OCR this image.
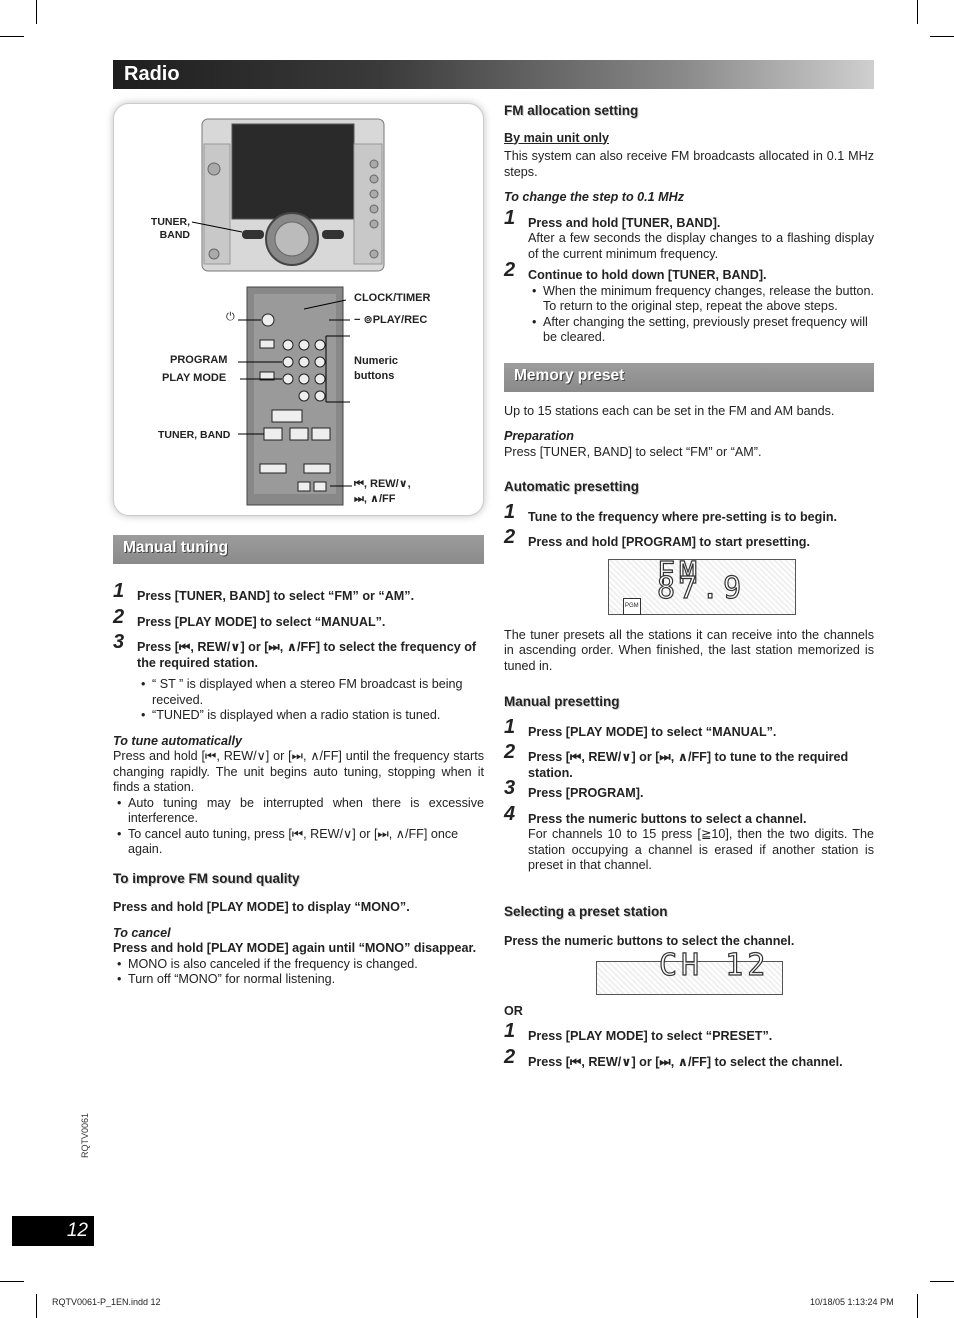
Radio
TUNER,
BAND
CLOCK/TIMER
⏻	− ⊚PLAY/REC
PROGRAM
PLAY MODE
Numeric
buttons
TUNER, BAND
⏮, REW/∨,
⏭, ∧/FF
Manual tuning
1 Press [TUNER, BAND] to select “FM” or “AM”.

2 Press [PLAY MODE] to select “MANUAL”.

3 Press [⏮, REW/∨] or [⏭, ∧/FF] to select the frequency of the required station.

• “ ST ” is displayed when a stereo FM broadcast is being received.
• “TUNED” is displayed when a radio station is tuned.

To tune automatically

Press and hold [⏮, REW/∨] or [⏭, ∧/FF] until the frequency starts changing rapidly. The unit begins auto tuning, stopping when it finds a station.

• Auto tuning may be interrupted when there is excessive interference.
• To cancel auto tuning, press [⏮, REW/∨] or [⏭, ∧/FF] once again.
To improve FM sound quality

Press and hold [PLAY MODE] to display “MONO”.

To cancel

Press and hold [PLAY MODE] again until “MONO” disappear.

• MONO is also canceled if the frequency is changed.
• Turn off “MONO” for normal listening.
FM allocation setting

By main unit only

This system can also receive FM broadcasts allocated in 0.1 MHz steps.

To change the step to 0.1 MHz

1 Press and hold [TUNER, BAND].

After a few seconds the display changes to a flashing display of the current minimum frequency.

2 Continue to hold down [TUNER, BAND].

• When the minimum frequency changes, release the button. To return to the original step, repeat the above steps.
• After changing the setting, previously preset frequency will be cleared.
Memory preset

Up to 15 stations each can be set in the FM and AM bands.

Preparation

Press [TUNER, BAND] to select “FM” or “AM”.

Automatic presetting
1 Tune to the frequency where pre-setting is to begin.

2 Press and hold [PROGRAM] to start presetting.

FM 87.9
PGM

The tuner presets all the stations it can receive into the channels in ascending order. When finished, the last station memorized is tuned in.

Manual presetting
1 Press [PLAY MODE] to select “MANUAL”.

2 Press [⏮, REW/∨] or [⏭, ∧/FF] to tune to the required station.

3 Press [PROGRAM].

4 Press the numeric buttons to select a channel.

For channels 10 to 15 press [≧10], then the two digits. The station occupying a channel is erased if another station is preset in that channel.

Selecting a preset station

Press the numeric buttons to select the channel.

CH 12

OR

1 Press [PLAY MODE] to select “PRESET”.

2 Press [⏮, REW/∨] or [⏭, ∧/FF] to select the channel.

RQTV0061
12
RQTV0061-P_1EN.indd 12	10/18/05 1:13:24 PM
